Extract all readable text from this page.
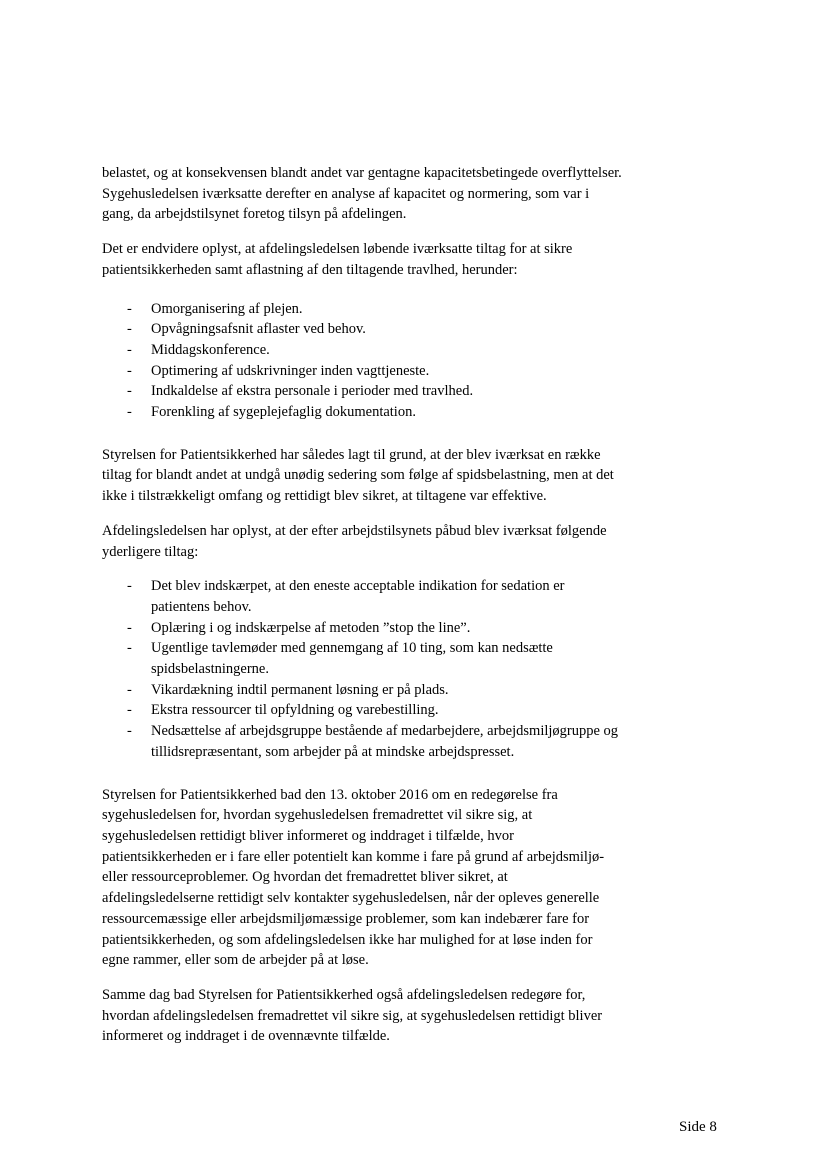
belastet, og at konsekvensen blandt andet var gentagne kapacitetsbetingede overflyttelser. Sygehusledelsen iværksatte derefter en analyse af kapacitet og normering, som var i gang, da arbejdstilsynet foretog tilsyn på afdelingen.

Det er endvidere oplyst, at afdelingsledelsen løbende iværksatte tiltag for at sikre patientsikkerheden samt aflastning af den tiltagende travlhed, herunder:

- Omorganisering af plejen.
- Opvågningsafsnit aflaster ved behov.
- Middagskonference.
- Optimering af udskrivninger inden vagttjeneste.
- Indkaldelse af ekstra personale i perioder med travlhed.
- Forenkling af sygeplejefaglig dokumentation.

Styrelsen for Patientsikkerhed har således lagt til grund, at der blev iværksat en række tiltag for blandt andet at undgå unødig sedering som følge af spidsbelastning, men at det ikke i tilstrækkeligt omfang og rettidigt blev sikret, at tiltagene var effektive.

Afdelingsledelsen har oplyst, at der efter arbejdstilsynets påbud blev iværksat følgende yderligere tiltag:

- Det blev indskærpet, at den eneste acceptable indikation for sedation er patientens behov.
- Oplæring i og indskærpelse af metoden ”stop the line”.
- Ugentlige tavlemøder med gennemgang af 10 ting, som kan nedsætte spidsbelastningerne.
- Vikardækning indtil permanent løsning er på plads.
- Ekstra ressourcer til opfyldning og varebestilling.
- Nedsættelse af arbejdsgruppe bestående af medarbejdere, arbejdsmiljøgruppe og tillidsrepræsentant, som arbejder på at mindske arbejdspresset.

Styrelsen for Patientsikkerhed bad den 13. oktober 2016 om en redegørelse fra sygehusledelsen for, hvordan sygehusledelsen fremadrettet vil sikre sig, at sygehusledelsen rettidigt bliver informeret og inddraget i tilfælde, hvor patientsikkerheden er i fare eller potentielt kan komme i fare på grund af arbejdsmiljø- eller ressourceproblemer. Og hvordan det fremadrettet bliver sikret, at afdelingsledelserne rettidigt selv kontakter sygehusledelsen, når der opleves generelle ressourcemæssige eller arbejdsmiljømæssige problemer, som kan indebærer fare for patientsikkerheden, og som afdelingsledelsen ikke har mulighed for at løse inden for egne rammer, eller som de arbejder på at løse.

Samme dag bad Styrelsen for Patientsikkerhed også afdelingsledelsen redegøre for, hvordan afdelingsledelsen fremadrettet vil sikre sig, at sygehusledelsen rettidigt bliver informeret og inddraget i de ovennævnte tilfælde.

Side 8
